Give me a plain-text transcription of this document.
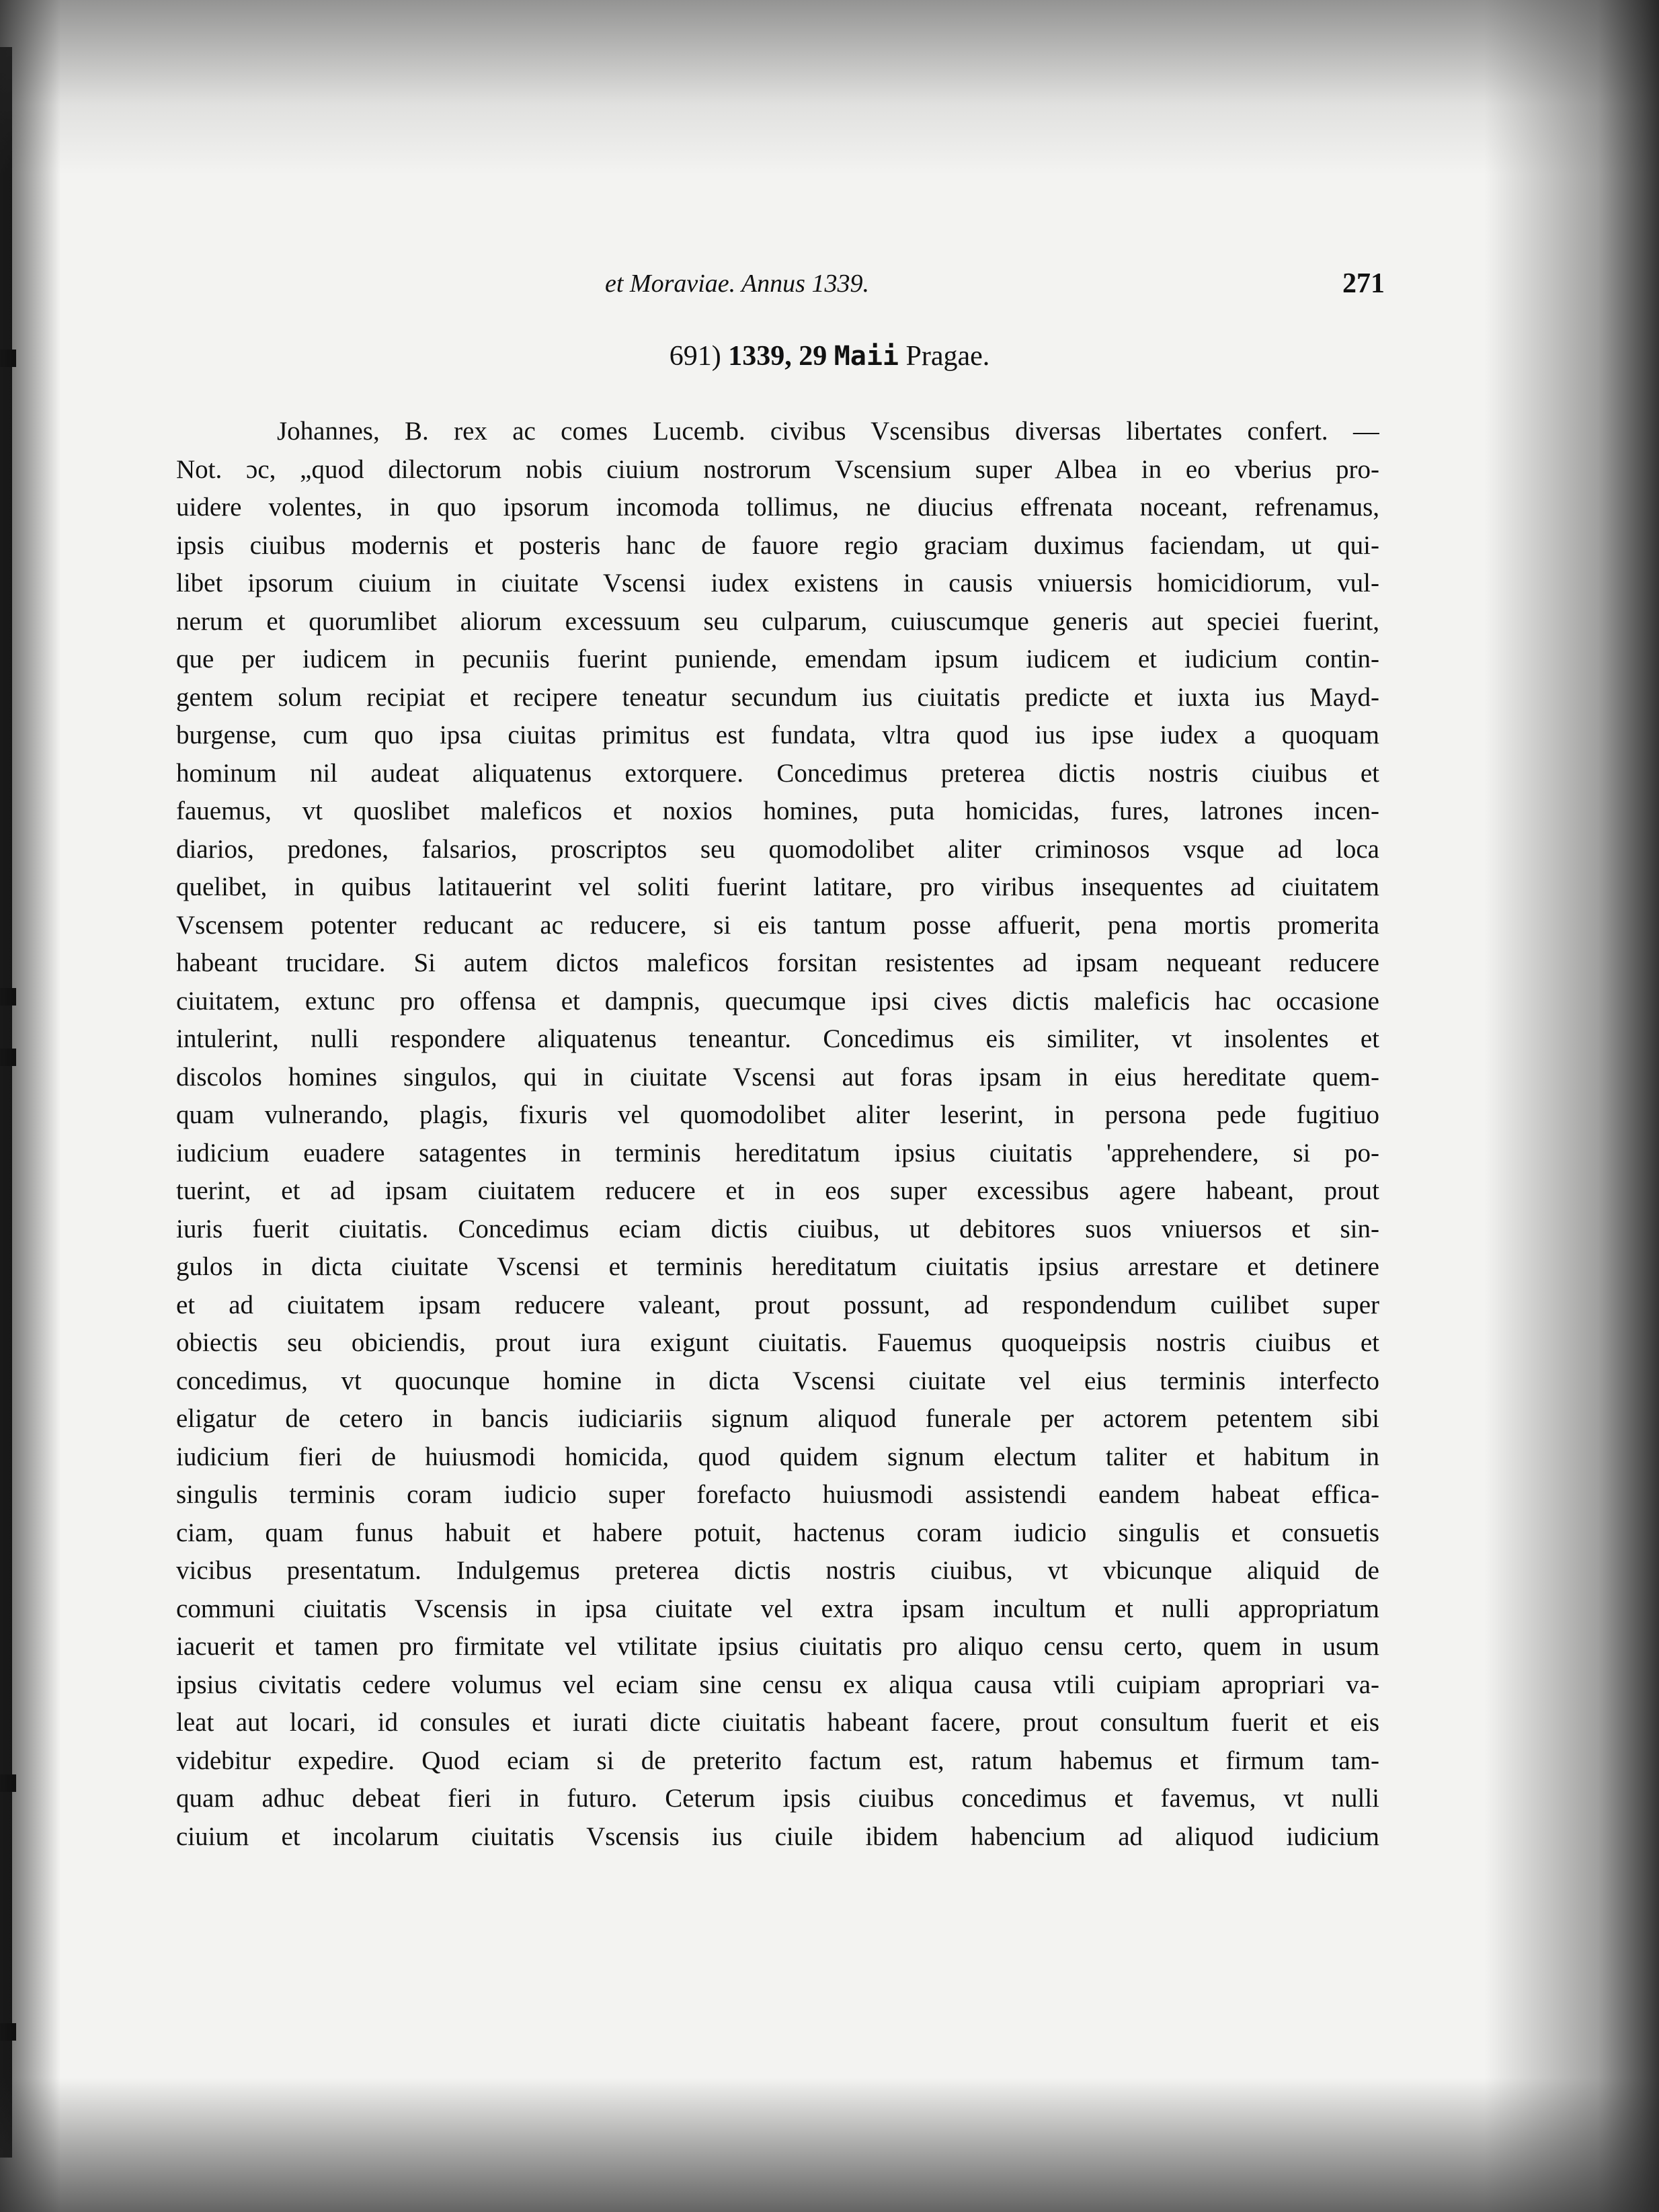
et Moraviae. Annus 1339.	271
691) 1339, 29 Maii Pragae.
Johannes, B. rex ac comes Lucemb. civibus Vscensibus diversas libertates confert. —
Not. ɔc, „quod dilectorum nobis ciuium nostrorum Vscensium super Albea in eo vberius pro-
uidere volentes, in quo ipsorum incomoda tollimus, ne diucius effrenata noceant, refrenamus,
ipsis ciuibus modernis et posteris hanc de fauore regio graciam duximus faciendam, ut qui-
libet ipsorum ciuium in ciuitate Vscensi iudex existens in causis vniuersis homicidiorum, vul-
nerum et quorumlibet aliorum excessuum seu culparum, cuiuscumque generis aut speciei fuerint,
que per iudicem in pecuniis fuerint puniende, emendam ipsum iudicem et iudicium contin-
gentem solum recipiat et recipere teneatur secundum ius ciuitatis predicte et iuxta ius Mayd-
burgense, cum quo ipsa ciuitas primitus est fundata, vltra quod ius ipse iudex a quoquam
hominum nil audeat aliquatenus extorquere. Concedimus preterea dictis nostris ciuibus et
fauemus, vt quoslibet maleficos et noxios homines, puta homicidas, fures, latrones incen-
diarios, predones, falsarios, proscriptos seu quomodolibet aliter criminosos vsque ad loca
quelibet, in quibus latitauerint vel soliti fuerint latitare, pro viribus insequentes ad ciuitatem
Vscensem potenter reducant ac reducere, si eis tantum posse affuerit, pena mortis promerita
habeant trucidare. Si autem dictos maleficos forsitan resistentes ad ipsam nequeant reducere
ciuitatem, extunc pro offensa et dampnis, quecumque ipsi cives dictis maleficis hac occasione
intulerint, nulli respondere aliquatenus teneantur. Concedimus eis similiter, vt insolentes et
discolos homines singulos, qui in ciuitate Vscensi aut foras ipsam in eius hereditate quem-
quam vulnerando, plagis, fixuris vel quomodolibet aliter leserint, in persona pede fugitiuo
iudicium euadere satagentes in terminis hereditatum ipsius ciuitatis 'apprehendere, si po-
tuerint, et ad ipsam ciuitatem reducere et in eos super excessibus agere habeant, prout
iuris fuerit ciuitatis. Concedimus eciam dictis ciuibus, ut debitores suos vniuersos et sin-
gulos in dicta ciuitate Vscensi et terminis hereditatum ciuitatis ipsius arrestare et detinere
et ad ciuitatem ipsam reducere valeant, prout possunt, ad respondendum cuilibet super
obiectis seu obiciendis, prout iura exigunt ciuitatis. Fauemus quoqueipsis nostris ciuibus et
concedimus, vt quocunque homine in dicta Vscensi ciuitate vel eius terminis interfecto
eligatur de cetero in bancis iudiciariis signum aliquod funerale per actorem petentem sibi
iudicium fieri de huiusmodi homicida, quod quidem signum electum taliter et habitum in
singulis terminis coram iudicio super forefacto huiusmodi assistendi eandem habeat effica-
ciam, quam funus habuit et habere potuit, hactenus coram iudicio singulis et consuetis
vicibus presentatum. Indulgemus preterea dictis nostris ciuibus, vt vbicunque aliquid de
communi ciuitatis Vscensis in ipsa ciuitate vel extra ipsam incultum et nulli appropriatum
iacuerit et tamen pro firmitate vel vtilitate ipsius ciuitatis pro aliquo censu certo, quem in usum
ipsius civitatis cedere volumus vel eciam sine censu ex aliqua causa vtili cuipiam apropriari va-
leat aut locari, id consules et iurati dicte ciuitatis habeant facere, prout consultum fuerit et eis
videbitur expedire. Quod eciam si de preterito factum est, ratum habemus et firmum tam-
quam adhuc debeat fieri in futuro. Ceterum ipsis ciuibus concedimus et favemus, vt nulli
ciuium et incolarum ciuitatis Vscensis ius ciuile ibidem habencium ad aliquod iudicium
